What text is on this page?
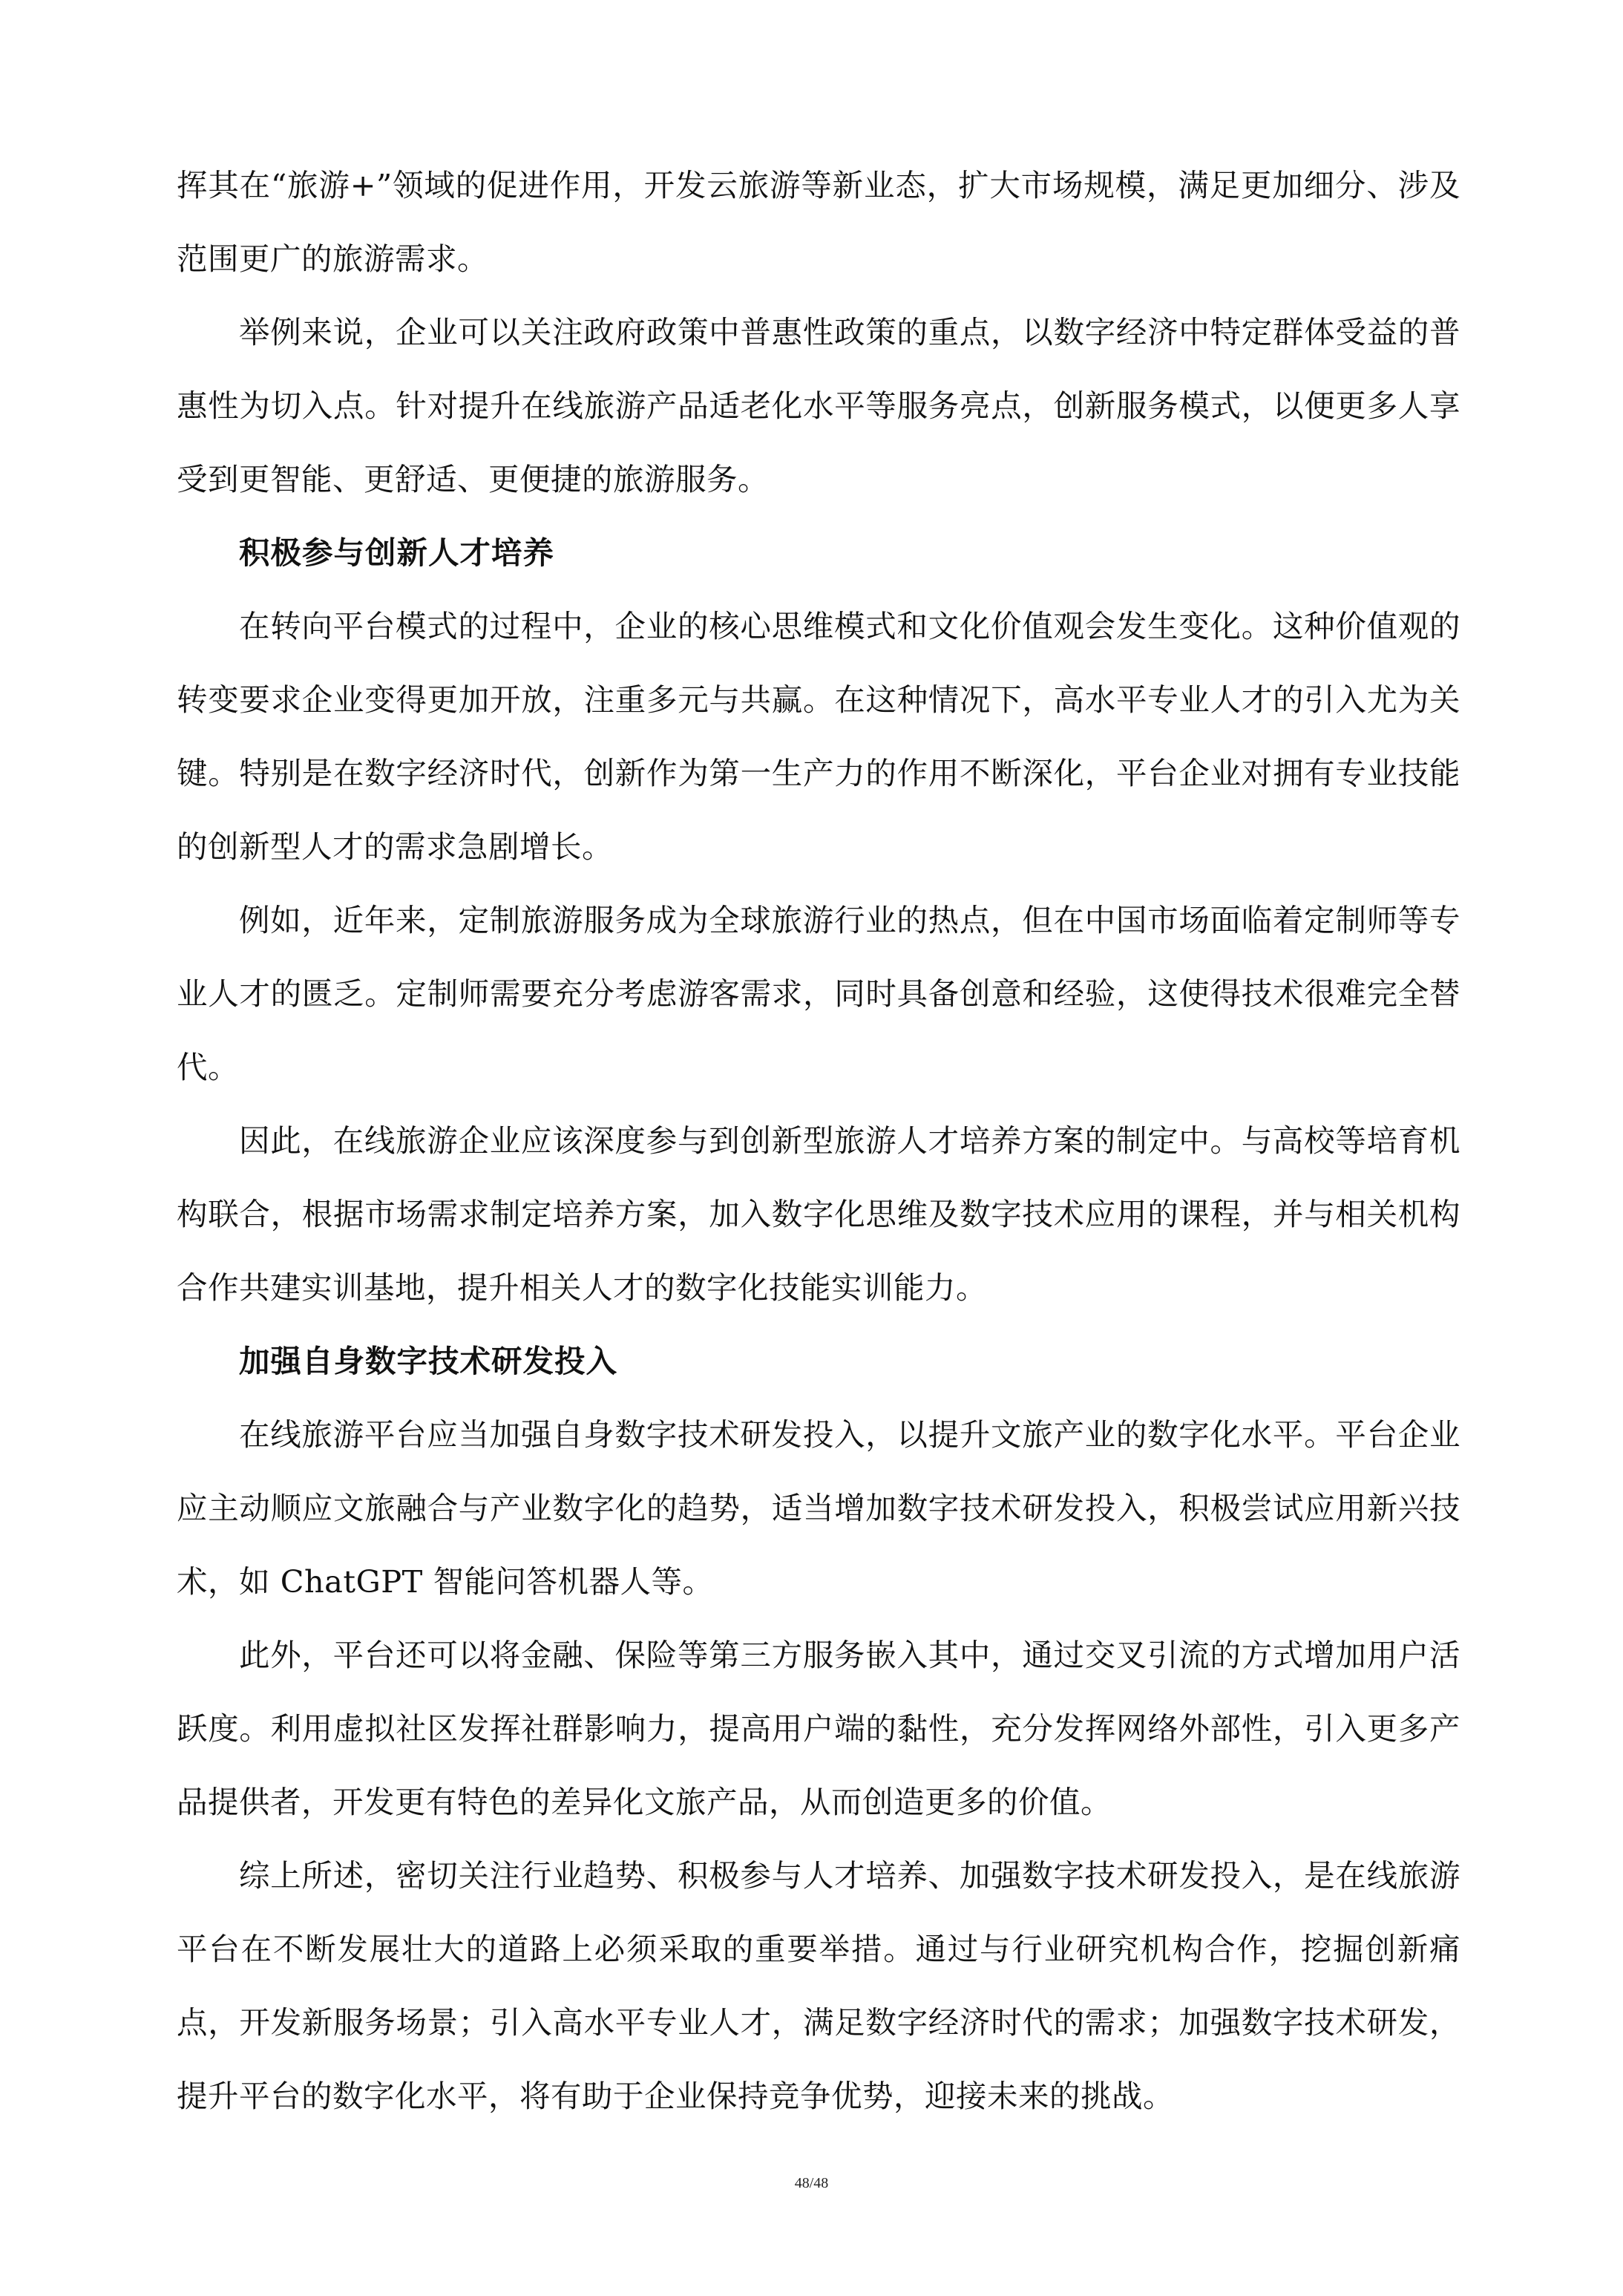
挥其在“旅游+”领域的促进作用，开发云旅游等新业态，扩大市场规模，满足更加细分、涉及范围更广的旅游需求。

举例来说，企业可以关注政府政策中普惠性政策的重点，以数字经济中特定群体受益的普惠性为切入点。针对提升在线旅游产品适老化水平等服务亮点，创新服务模式，以便更多人享受到更智能、更舒适、更便捷的旅游服务。

积极参与创新人才培养

在转向平台模式的过程中，企业的核心思维模式和文化价值观会发生变化。这种价值观的转变要求企业变得更加开放，注重多元与共赢。在这种情况下，高水平专业人才的引入尤为关键。特别是在数字经济时代，创新作为第一生产力的作用不断深化，平台企业对拥有专业技能的创新型人才的需求急剧增长。

例如，近年来，定制旅游服务成为全球旅游行业的热点，但在中国市场面临着定制师等专业人才的匮乏。定制师需要充分考虑游客需求，同时具备创意和经验，这使得技术很难完全替代。

因此，在线旅游企业应该深度参与到创新型旅游人才培养方案的制定中。与高校等培育机构联合，根据市场需求制定培养方案，加入数字化思维及数字技术应用的课程，并与相关机构合作共建实训基地，提升相关人才的数字化技能实训能力。

加强自身数字技术研发投入

在线旅游平台应当加强自身数字技术研发投入，以提升文旅产业的数字化水平。平台企业应主动顺应文旅融合与产业数字化的趋势，适当增加数字技术研发投入，积极尝试应用新兴技术，如 ChatGPT 智能问答机器人等。

此外，平台还可以将金融、保险等第三方服务嵌入其中，通过交叉引流的方式增加用户活跃度。利用虚拟社区发挥社群影响力，提高用户端的黏性，充分发挥网络外部性，引入更多产品提供者，开发更有特色的差异化文旅产品，从而创造更多的价值。

综上所述，密切关注行业趋势、积极参与人才培养、加强数字技术研发投入，是在线旅游平台在不断发展壮大的道路上必须采取的重要举措。通过与行业研究机构合作，挖掘创新痛点，开发新服务场景；引入高水平专业人才，满足数字经济时代的需求；加强数字技术研发，提升平台的数字化水平，将有助于企业保持竞争优势，迎接未来的挑战。

48/48
